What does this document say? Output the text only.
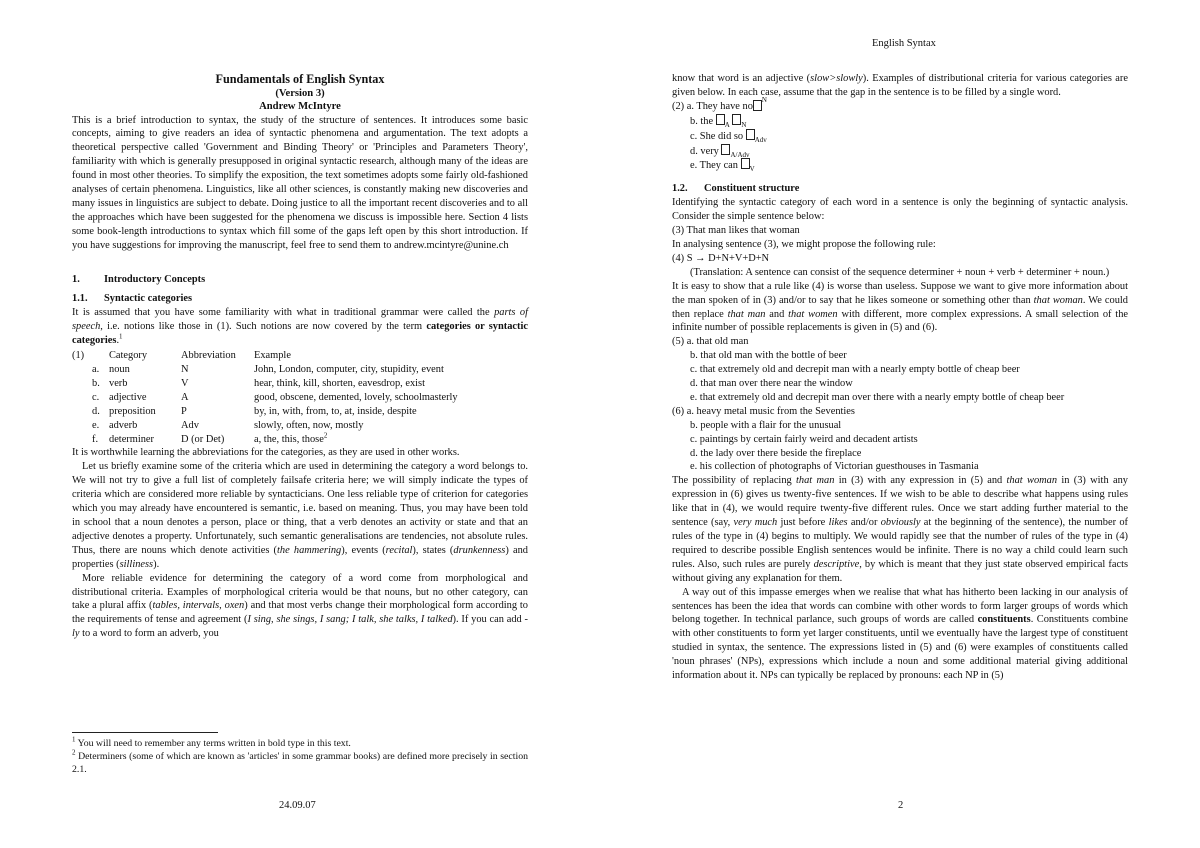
English Syntax
Fundamentals of English Syntax
(Version 3)
Andrew McIntyre
This is a brief introduction to syntax, the study of the structure of sentences. It introduces some basic concepts, aiming to give readers an idea of syntactic phenomena and argumentation. The text adopts a theoretical perspective called 'Government and Binding Theory' or 'Principles and Parameters Theory', familiarity with which is generally presupposed in original syntactic research, although many of the ideas are found in most other theories. To simplify the exposition, the text sometimes adopts some fairly old-fashioned analyses of certain phenomena. Linguistics, like all other sciences, is constantly making new discoveries and many issues in linguistics are subject to debate. Doing justice to all the important recent discoveries and to all the approaches which have been suggested for the phenomena we discuss is impossible here. Section 4 lists some book-length introductions to syntax which fill some of the gaps left open by this short introduction. If you have suggestions for improving the manuscript, feel free to send them to andrew.mcintyre@unine.ch
1.	Introductory Concepts
1.1.	Syntactic categories
It is assumed that you have some familiarity with what in traditional grammar were called the parts of speech, i.e. notions like those in (1). Such notions are now covered by the term categories or syntactic categories.$^1$
(1)	Category	Abbreviation	Example
a. noun	N	John, London, computer, city, stupidity, event
b. verb	V	hear, think, kill, shorten, eavesdrop, exist
c. adjective	A	good, obscene, demented, lovely, schoolmasterly
d. preposition	P	by, in, with, from, to, at, inside, despite
e. adverb	Adv	slowly, often, now, mostly
f.	determiner	D (or Det)	a, the, this, those$^2$
It is worthwhile learning the abbreviations for the categories, as they are used in other works.
Let us briefly examine some of the criteria which are used in determining the category a word belongs to. We will not try to give a full list of completely failsafe criteria here; we will simply indicate the types of criteria which are considered more reliable by syntacticians. One less reliable type of criterion for categories which you may already have encountered is semantic, i.e. based on meaning. Thus, you may have been told in school that a noun denotes a person, place or thing, that a verb denotes an activity or state and that an adjective denotes a property. Unfortunately, such semantic generalisations are tendencies, not absolute rules. Thus, there are nouns which denote activities (the hammering), events (recital), states (drunkenness) and properties (silliness).
More reliable evidence for determining the category of a word come from morphological and distributional criteria. Examples of morphological criteria would be that nouns, but no other category, can take a plural affix (tables, intervals, oxen) and that most verbs change their morphological form according to the requirements of tense and agreement (I sing, she sings, I sang; I talk, she talks, I talked). If you can add -ly to a word to form an adverb, you
$^1$ You will need to remember any terms written in bold type in this text.
$^2$ Determiners (some of which are known as 'articles' in some grammar books) are defined more precisely in section 2.1.
know that word is an adjective (slow>slowly). Examples of distributional criteria for various categories are given below. In each case, assume that the gap in the sentence is to be filled by a single word.
(2)
a. They have no
N
b. the $_A$ $_N$
c. She did so $_{Adv}$
d. very $_{A/Adv}$
e. They can $_V$
1.2.	Constituent structure
Identifying the syntactic category of each word in a sentence is only the beginning of syntactic analysis. Consider the simple sentence below:
(3) That man likes that woman
In analysing sentence (3), we might propose the following rule:
(4) S → D+N+V+D+N
(Translation: A sentence can consist of the sequence determiner + noun + verb + determiner + noun.)
It is easy to show that a rule like (4) is worse than useless. Suppose we want to give more information about the man spoken of in (3) and/or to say that he likes someone or something other than that woman. We could then replace that man and that women with different, more complex expressions. A small selection of the infinite number of possible replacements is given in (5) and (6).
(5) a. that old man
b. that old man with the bottle of beer
c. that extremely old and decrepit man with a nearly empty bottle of cheap beer
d. that man over there near the window
e. that extremely old and decrepit man over there with a nearly empty bottle of cheap beer
(6) a. heavy metal music from the Seventies
b. people with a flair for the unusual
c. paintings by certain fairly weird and decadent artists
d. the lady over there beside the fireplace
e. his collection of photographs of Victorian guesthouses in Tasmania
The possibility of replacing that man in (3) with any expression in (5) and that woman in (3) with any expression in (6) gives us twenty-five sentences. If we wish to be able to describe what happens using rules like that in (4), we would require twenty-five different rules. Once we start adding further material to the sentence (say, very much just before likes and/or obviously at the beginning of the sentence), the number of rules of the type in (4) begins to multiply. We would rapidly see that the number of rules of the type in (4) required to describe possible English sentences would be infinite. There is no way a child could learn such rules. Also, such rules are purely descriptive, by which is meant that they just state observed empirical facts without giving any explanation for them.
A way out of this impasse emerges when we realise that what has hitherto been lacking in our analysis of sentences has been the idea that words can combine with other words to form larger groups of words which belong together. In technical parlance, such groups of words are called constituents. Constituents combine with other constituents to form yet larger constituents, until we eventually have the largest type of constituent studied in syntax, the sentence. The expressions listed in (5) and (6) were examples of constituents called 'noun phrases' (NPs), expressions which include a noun and some additional material giving additional information about it. NPs can typically be replaced by pronouns: each NP in (5)
24.09.07	2
